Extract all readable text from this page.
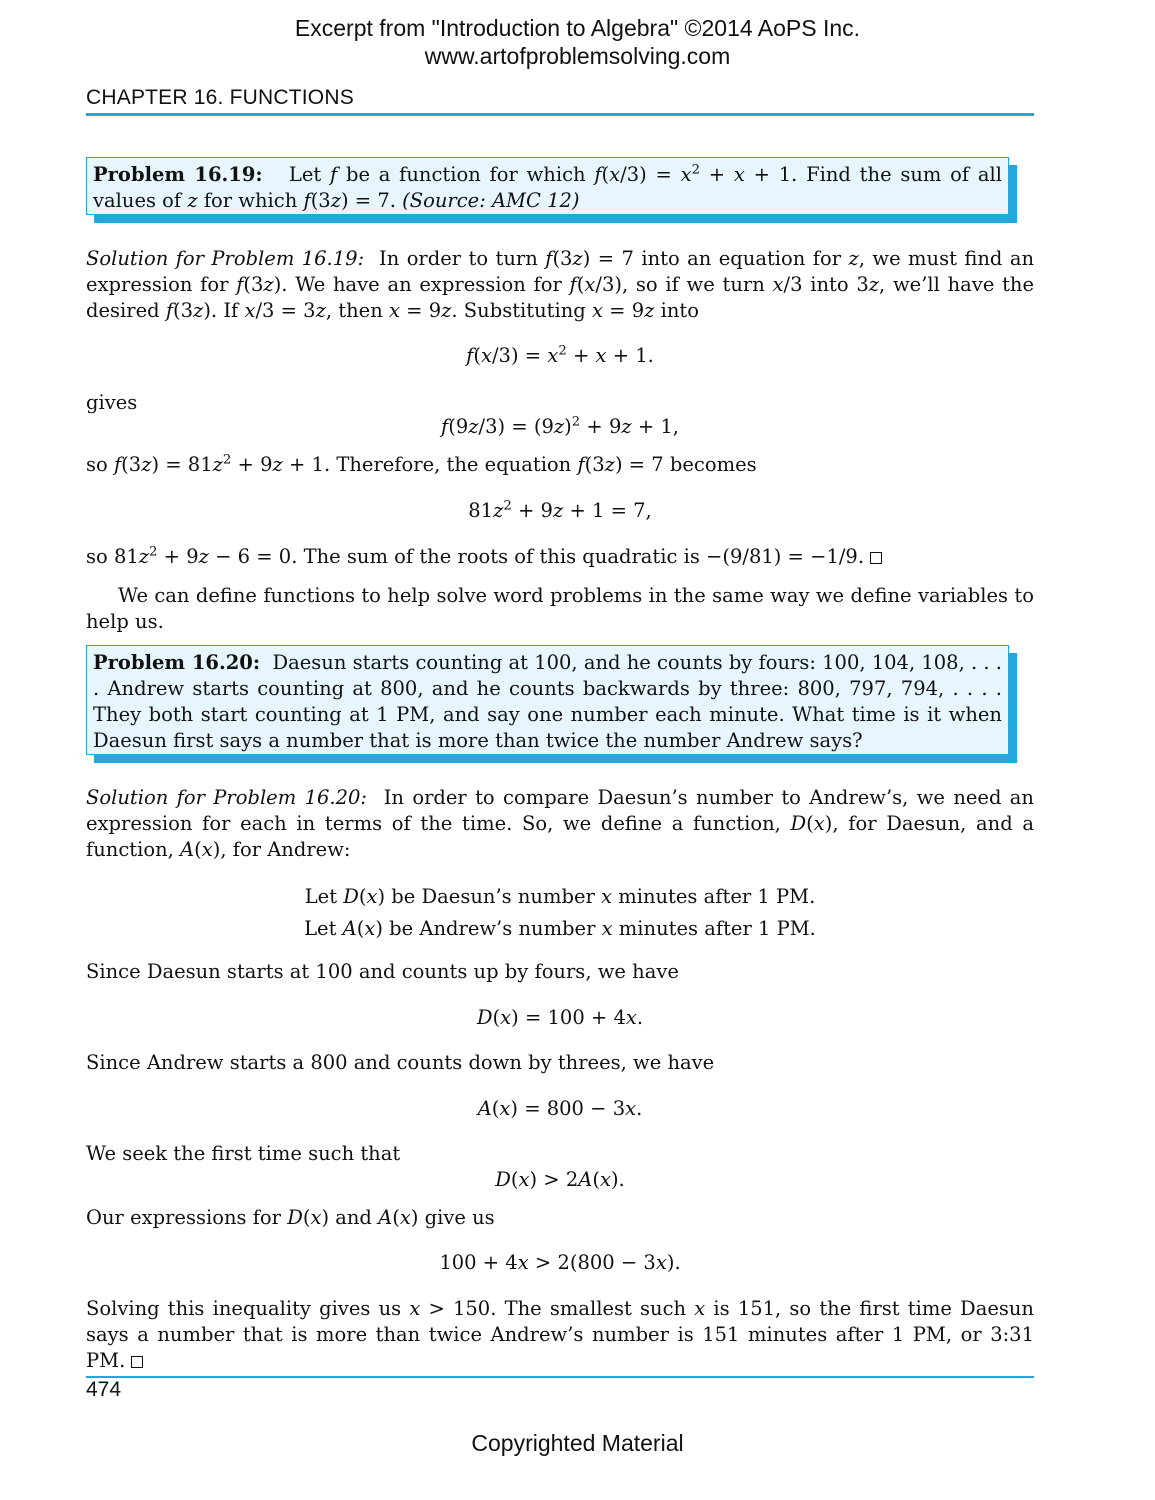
Excerpt from "Introduction to Algebra" ©2014 AoPS Inc.
www.artofproblemsolving.com
CHAPTER 16. FUNCTIONS
Problem 16.19:   Let f be a function for which $f(x/3) = x^2 + x + 1$. Find the sum of all values of z for which f(3z) = 7. (Source: AMC 12)
Solution for Problem 16.19:  In order to turn f(3z) = 7 into an equation for z, we must find an expression for f(3z). We have an expression for f(x/3), so if we turn x/3 into 3z, we’ll have the desired f(3z). If x/3 = 3z, then x = 9z. Substituting x = 9z into
$f(x/3) = x^2 + x + 1$.
gives
$f(9z/3) = (9z)^2 + 9z + 1$,
so $f(3z) = 81z^2 + 9z + 1$. Therefore, the equation f(3z) = 7 becomes
$81z^2 + 9z + 1 = 7$,
so $81z^2 + 9z - 6 = 0$. The sum of the roots of this quadratic is −(9/81) = −1/9.
We can define functions to help solve word problems in the same way we define variables to help us.
Problem 16.20: Daesun starts counting at 100, and he counts by fours: 100, 104, 108, . . . . Andrew starts counting at 800, and he counts backwards by three: 800, 797, 794, . . . . They both start counting at 1 PM, and say one number each minute. What time is it when Daesun first says a number that is more than twice the number Andrew says?
Solution for Problem 16.20:  In order to compare Daesun’s number to Andrew’s, we need an expression for each in terms of the time. So, we define a function, D(x), for Daesun, and a function, A(x), for Andrew:
Let D(x) be Daesun’s number x minutes after 1 PM.
Let A(x) be Andrew’s number x minutes after 1 PM.
Since Daesun starts at 100 and counts up by fours, we have
D(x) = 100 + 4x.
Since Andrew starts a 800 and counts down by threes, we have
A(x) = 800 − 3x.
We seek the first time such that
D(x) > 2A(x).
Our expressions for D(x) and A(x) give us
100 + 4x > 2(800 − 3x).
Solving this inequality gives us x > 150. The smallest such x is 151, so the first time Daesun says a number that is more than twice Andrew’s number is 151 minutes after 1 PM, or 3:31 PM.
474
Copyrighted Material
